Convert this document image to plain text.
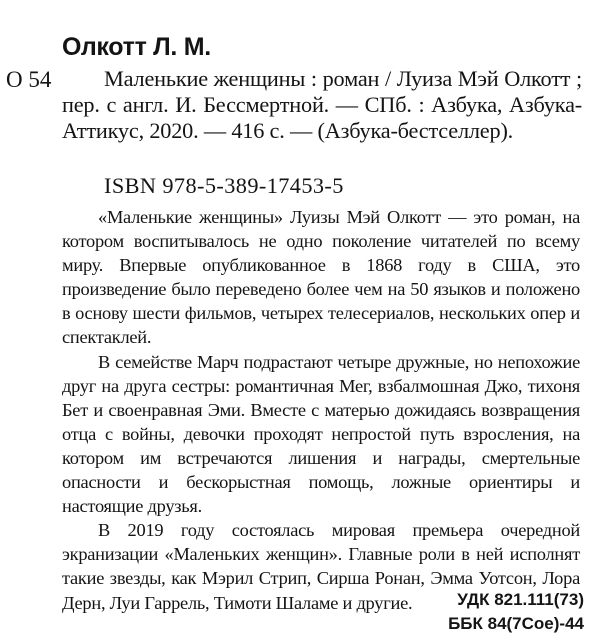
Олкотт Л. М.
О 54	Маленькие женщины : роман / Луиза Мэй Олкотт ; пер. с англ. И. Бессмертной. — СПб. : Азбука, Азбука-Аттикус, 2020. — 416 с. — (Азбука-бестселлер).
ISBN 978-5-389-17453-5

«Маленькие женщины» Луизы Мэй Олкотт — это роман, на котором воспитывалось не одно поколение читателей по всему миру. Впервые опубликованное в 1868 году в США, это произведение было переведено более чем на 50 языков и положено в основу шести фильмов, четырех телесериалов, нескольких опер и спектаклей.

В семействе Марч подрастают четыре дружные, но непохожие друг на друга сестры: романтичная Мег, взбалмошная Джо, тихоня Бет и своенравная Эми. Вместе с матерью дожидаясь возвращения отца с войны, девочки проходят непростой путь взросления, на котором им встречаются лишения и награды, смертельные опасности и бескорыстная помощь, ложные ориентиры и настоящие друзья.

В 2019 году состоялась мировая премьера очередной экранизации «Маленьких женщин». Главные роли в ней исполнят такие звезды, как Мэрил Стрип, Сирша Ронан, Эмма Уотсон, Лора Дерн, Луи Гаррель, Тимоти Шаламе и другие.	УДК 821.111(73)
ББК 84(7Сое)-44
